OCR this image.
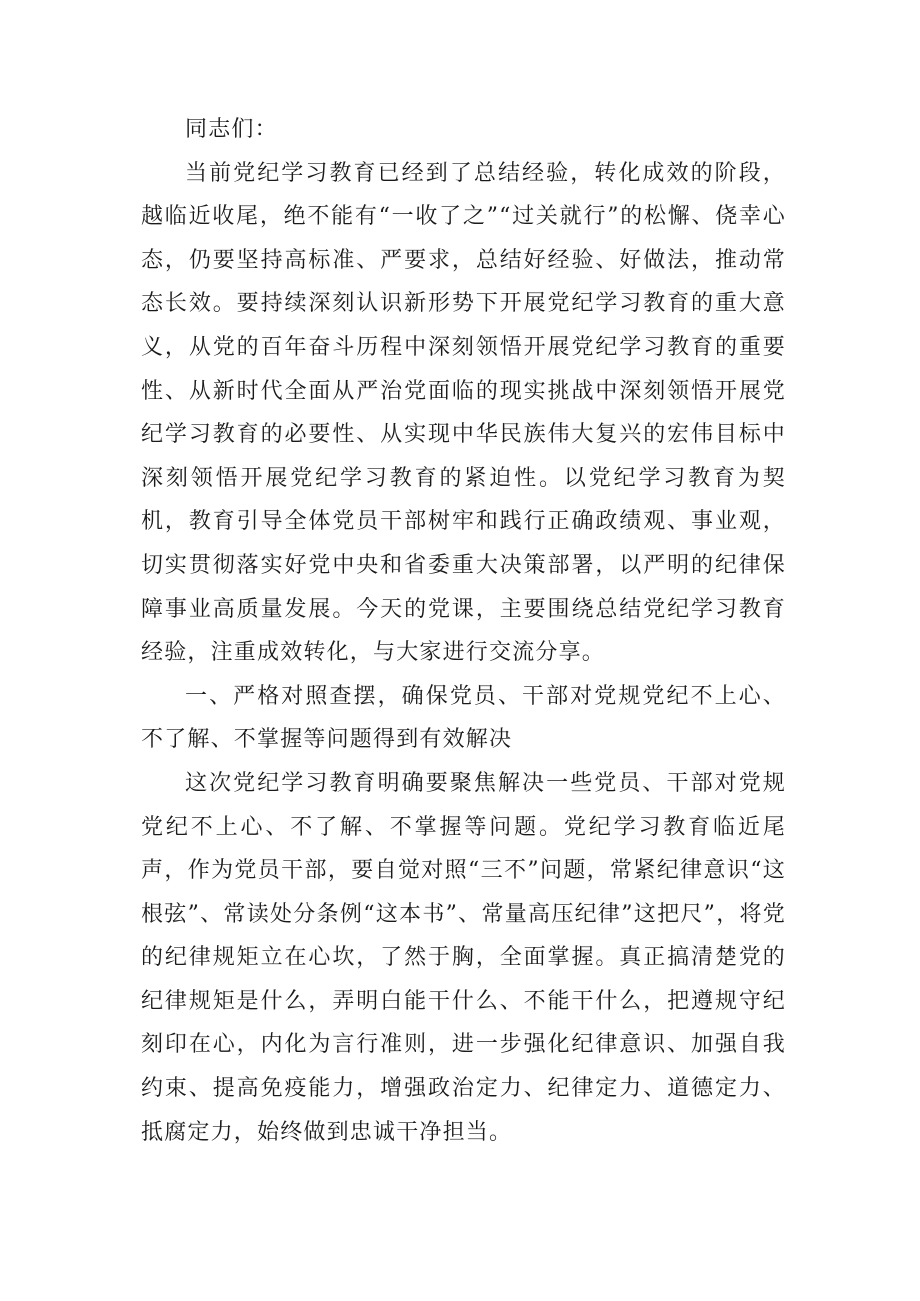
同志们：

当前党纪学习教育已经到了总结经验，转化成效的阶段，越临近收尾，绝不能有“一收了之”“过关就行”的松懈、侥幸心态，仍要坚持高标准、严要求，总结好经验、好做法，推动常态长效。要持续深刻认识新形势下开展党纪学习教育的重大意义，从党的百年奋斗历程中深刻领悟开展党纪学习教育的重要性、从新时代全面从严治党面临的现实挑战中深刻领悟开展党纪学习教育的必要性、从实现中华民族伟大复兴的宏伟目标中深刻领悟开展党纪学习教育的紧迫性。以党纪学习教育为契机，教育引导全体党员干部树牢和践行正确政绩观、事业观，切实贯彻落实好党中央和省委重大决策部署，以严明的纪律保障事业高质量发展。今天的党课，主要围绕总结党纪学习教育经验，注重成效转化，与大家进行交流分享。

一、严格对照查摆，确保党员、干部对党规党纪不上心、不了解、不掌握等问题得到有效解决

这次党纪学习教育明确要聚焦解决一些党员、干部对党规党纪不上心、不了解、不掌握等问题。党纪学习教育临近尾声，作为党员干部，要自觉对照“三不”问题，常紧纪律意识“这根弦”、常读处分条例“这本书”、常量高压纪律”这把尺”，将党的纪律规矩立在心坎，了然于胸，全面掌握。真正搞清楚党的纪律规矩是什么，弄明白能干什么、不能干什么，把遵规守纪刻印在心，内化为言行准则，进一步强化纪律意识、加强自我约束、提高免疫能力，增强政治定力、纪律定力、道德定力、抵腐定力，始终做到忠诚干净担当。
